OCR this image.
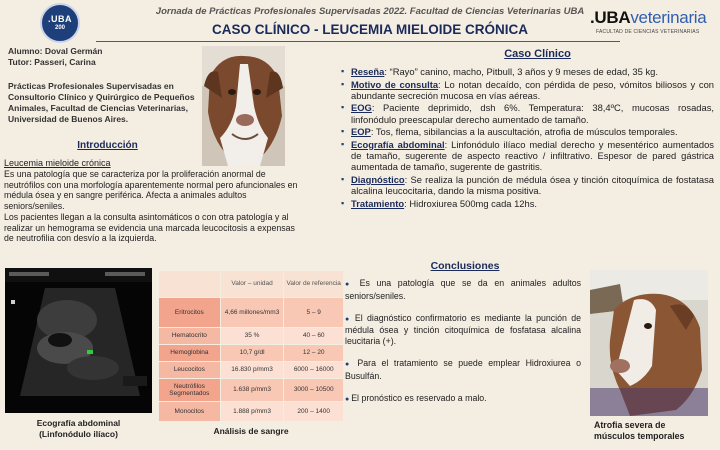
.UBA
200
Jornada de Prácticas Profesionales Supervisadas 2022. Facultad de Ciencias Veterinarias UBA
CASO CLÍNICO - LEUCEMIA MIELOIDE CRÓNICA
.UBAveterinaria
FACULTAD DE CIENCIAS VETERINARIAS
Alumno: Doval Germán
Tutor: Passeri, Carina
Prácticas Profesionales Supervisadas en Consultorio Clínico y Quirúrgico de Pequeños Animales, Facultad de Ciencias Veterinarias, Universidad de Buenos Aires.
Introducción
Leucemia mieloide crónica
Es una patología que se caracteriza por la proliferación anormal de neutrófilos con una morfología aparentemente normal pero afuncionales en médula ósea y en sangre periférica. Afecta a animales adultos seniors/seniles.
Los pacientes llegan a la consulta asintomáticos o con otra patología y al realizar un hemograma se evidencia una marcada leucocitosis a expensas de neutrofilia con desvío a la izquierda.
Ecografía abdominal
(Linfonódulo ilíaco)
	Valor – unidad	Valor de referencia
Eritrocitos	4,66 millones/mm3	5 – 9
Hematocrito	35 %	40 – 60
Hemoglobina	10,7 g/dl	12 – 20
Leucocitos	16.830 p/mm3	6000 – 16000
Neutrófilos Segmentados	1.638 p/mm3	3000 – 10500
Monocitos	1.888 p/mm3	200 – 1400
Análisis de sangre
Caso Clínico
▪ Reseña: “Rayo” canino, macho, Pitbull, 3 años y 9 meses de edad, 35 kg.
▪ Motivo de consulta: Lo notan decaído, con pérdida de peso, vómitos biliosos y con abundante secreción mucosa en vías aéreas.
▪ EOG: Paciente deprimido, dsh 6%. Temperatura: 38,4ºC, mucosas rosadas, linfonódulo preescapular derecho aumentado de tamaño.
▪ EOP: Tos, flema, sibilancias a la auscultación, atrofia de músculos temporales.
▪ Ecografía abdominal: Linfonódulo ilíaco medial derecho y mesentérico aumentados de tamaño, sugerente de aspecto reactivo / infiltrativo. Espesor de pared gástrica aumentada de tamaño, sugerente de gastritis.
▪ Diagnóstico: Se realiza la punción de médula ósea y tinción citoquímica de fostatasa alcalina leucocitaria, dando la misma positiva.
▪ Tratamiento: Hidroxiurea 500mg cada 12hs.
Conclusiones
● Es una patología que se da en animales adultos seniors/seniles.
● El diagnóstico confirmatorio es mediante la punción de médula ósea y tinción citoquímica de fosfatasa alcalina leucitaria (+).
● Para el tratamiento se puede emplear Hidroxiurea o Busulfán.
● El pronóstico es reservado a malo.
Atrofia severa de
músculos temporales
